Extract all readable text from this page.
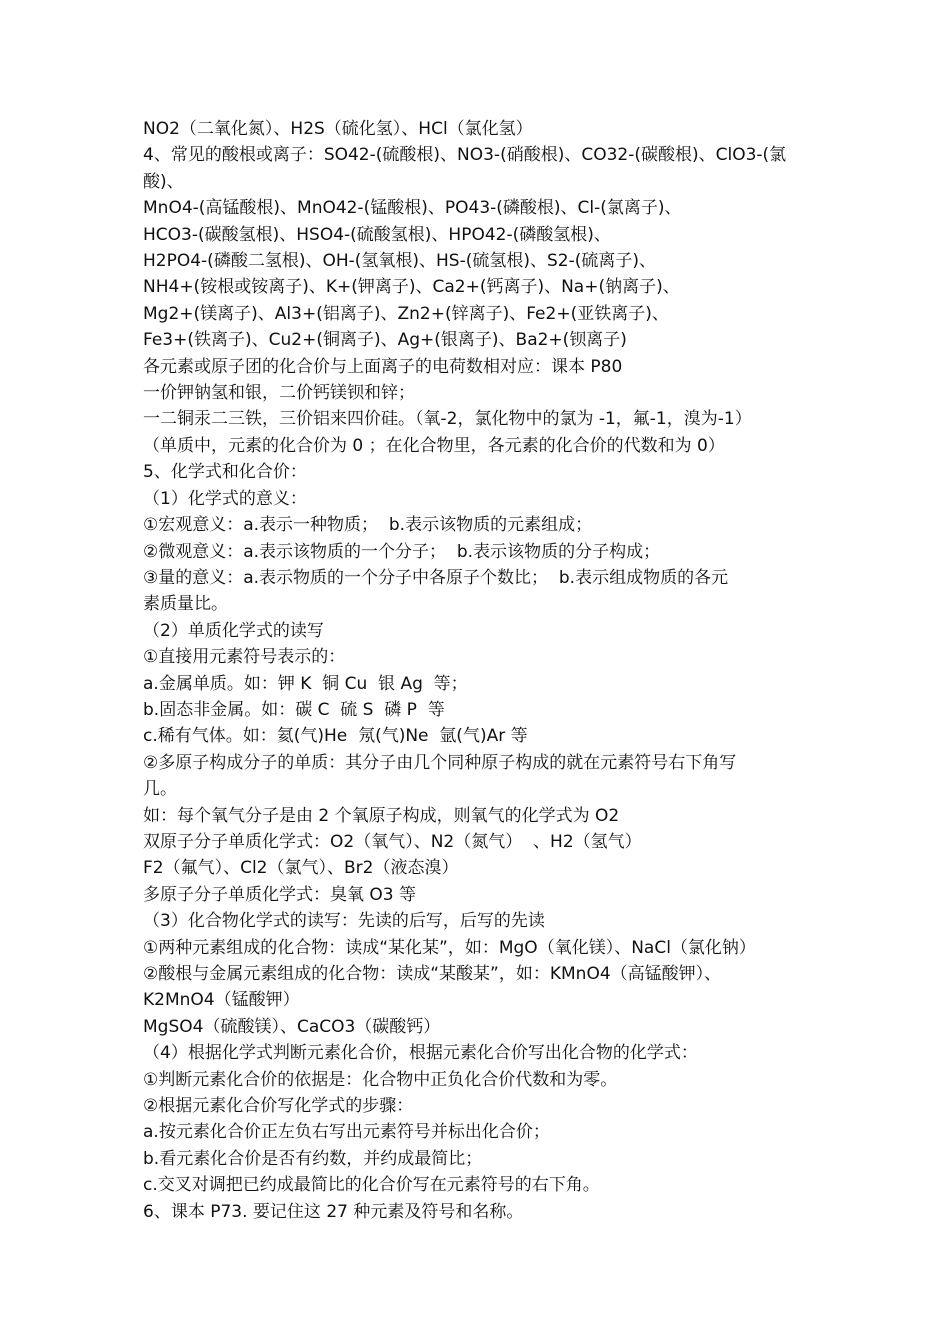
NO2（二氧化氮）、H2S（硫化氢）、HCl（氯化氢）
4、常见的酸根或离子：SO42-(硫酸根)、NO3-(硝酸根)、CO32-(碳酸根)、ClO3-(氯
酸)、
MnO4-(高锰酸根)、MnO42-(锰酸根)、PO43-(磷酸根)、Cl-(氯离子)、
HCO3-(碳酸氢根)、HSO4-(硫酸氢根)、HPO42-(磷酸氢根)、
H2PO4-(磷酸二氢根)、OH-(氢氧根)、HS-(硫氢根)、S2-(硫离子)、
NH4+(铵根或铵离子)、K+(钾离子)、Ca2+(钙离子)、Na+(钠离子)、
Mg2+(镁离子)、Al3+(铝离子)、Zn2+(锌离子)、Fe2+(亚铁离子)、
Fe3+(铁离子)、Cu2+(铜离子)、Ag+(银离子)、Ba2+(钡离子)
各元素或原子团的化合价与上面离子的电荷数相对应：课本 P80
一价钾钠氢和银，二价钙镁钡和锌；
一二铜汞二三铁，三价铝来四价硅。（氧-2，氯化物中的氯为 -1，氟-1，溴为-1）
（单质中，元素的化合价为 0 ；在化合物里，各元素的化合价的代数和为 0）
5、化学式和化合价：
（1）化学式的意义：
①宏观意义：a.表示一种物质；  b.表示该物质的元素组成；
②微观意义：a.表示该物质的一个分子；  b.表示该物质的分子构成；
③量的意义：a.表示物质的一个分子中各原子个数比；  b.表示组成物质的各元
素质量比。
（2）单质化学式的读写
①直接用元素符号表示的：
a.金属单质。如：钾 K  铜 Cu  银 Ag  等；
b.固态非金属。如：碳 C  硫 S  磷 P  等
c.稀有气体。如：氦(气)He  氖(气)Ne  氩(气)Ar 等
②多原子构成分子的单质：其分子由几个同种原子构成的就在元素符号右下角写
几。
如：每个氧气分子是由 2 个氧原子构成，则氧气的化学式为 O2
双原子分子单质化学式：O2（氧气）、N2（氮气）  、H2（氢气）
F2（氟气）、Cl2（氯气）、Br2（液态溴）
多原子分子单质化学式：臭氧 O3 等
（3）化合物化学式的读写：先读的后写，后写的先读
①两种元素组成的化合物：读成“某化某”，如：MgO（氧化镁）、NaCl（氯化钠）
②酸根与金属元素组成的化合物：读成“某酸某”，如：KMnO4（高锰酸钾）、
K2MnO4（锰酸钾）
MgSO4（硫酸镁）、CaCO3（碳酸钙）
（4）根据化学式判断元素化合价，根据元素化合价写出化合物的化学式：
①判断元素化合价的依据是：化合物中正负化合价代数和为零。
②根据元素化合价写化学式的步骤：
a.按元素化合价正左负右写出元素符号并标出化合价；
b.看元素化合价是否有约数，并约成最简比；
c.交叉对调把已约成最简比的化合价写在元素符号的右下角。
6、课本 P73. 要记住这 27 种元素及符号和名称。
